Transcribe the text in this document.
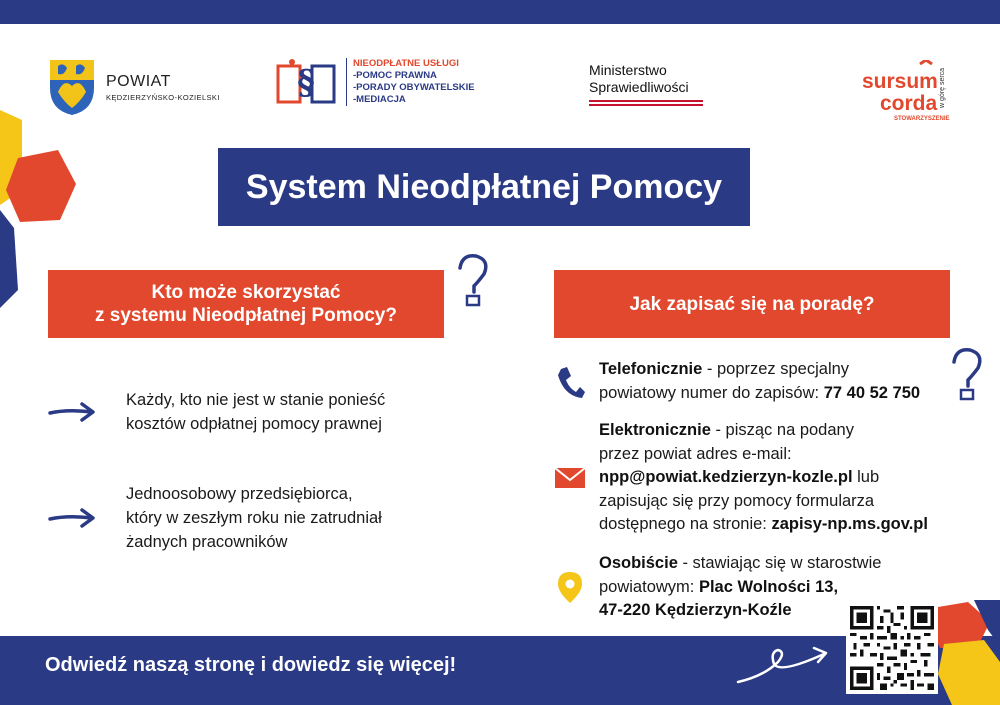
POWIAT
KĘDZIERZYŃSKO-KOZIELSKI §	NIEODPŁATNE USŁUGI
-POMOC PRAWNA
-PORADY OBYWATELSKIE
-MEDIACJA
Ministerstwo
Sprawiedliwości	sursum
corda w górę serca
STOWARZYSZENIE
System Nieodpłatnej Pomocy
Kto może skorzystać
z systemu Nieodpłatnej Pomocy?
Każdy, kto nie jest w stanie ponieść
kosztów odpłatnej pomocy prawnej
Jednoosobowy przedsiębiorca,
który w zeszłym roku nie zatrudniał
żadnych pracowników
Jak zapisać się na poradę?
Telefonicznie - poprzez specjalny
powiatowy numer do zapisów: 77 40 52 750
Elektronicznie - pisząc na podany
przez powiat adres e-mail:
npp@powiat.kedzierzyn-kozle.pl lub
zapisując się przy pomocy formularza
dostępnego na stronie: zapisy-np.ms.gov.pl
Osobiście - stawiając się w starostwie
powiatowym: Plac Wolności 13,
47-220 Kędzierzyn-Koźle
Odwiedź naszą stronę i dowiedz się więcej!
